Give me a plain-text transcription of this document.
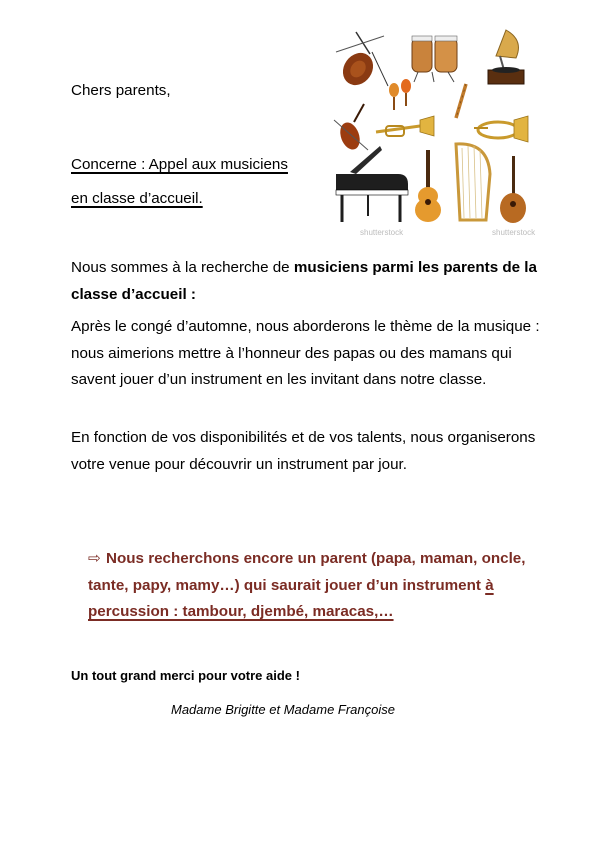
Chers parents,
Concerne : Appel aux musiciens
en classe d’accueil.
Nous sommes à la recherche de musiciens parmi les parents de la classe d’accueil :
Après le congé d’automne, nous aborderons le thème de la musique : nous aimerions mettre à l’honneur des papas ou des mamans qui savent jouer d’un instrument en les invitant dans notre classe.
En fonction de vos disponibilités et de vos talents, nous organiserons votre venue pour découvrir un instrument par jour.
⇨ Nous recherchons encore un parent (papa, maman, oncle, tante, papy, mamy…) qui saurait jouer d’un instrument à percussion : tambour, djembé, maracas,…
Un tout grand merci pour votre aide !
Madame Brigitte et Madame Françoise
shutterstock	shutterstock
